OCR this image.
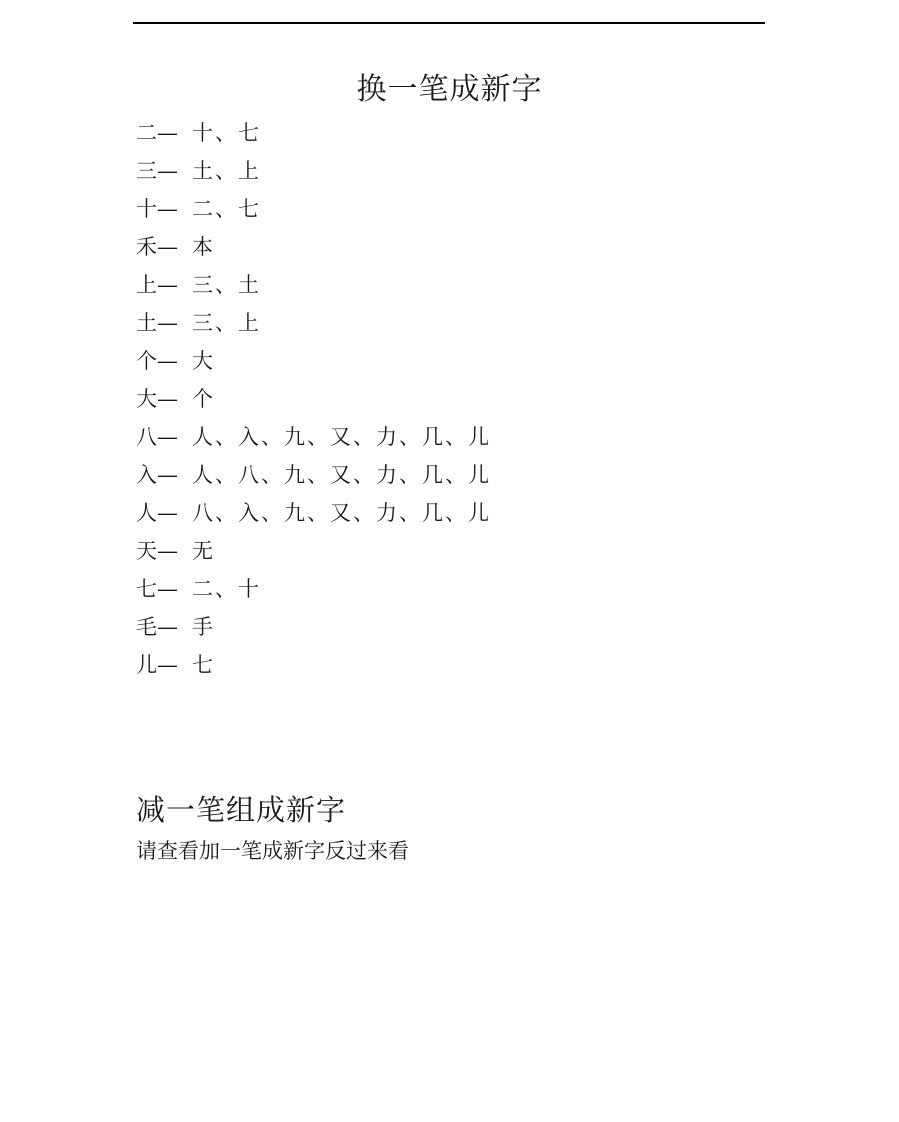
换一笔成新字
二— 十、七
三— 土、上
十— 二、七
禾— 本
上— 三、土
土— 三、上
个— 大
大— 个
八— 人、入、九、又、力、几、儿
入— 人、八、九、又、力、几、儿
人— 八、入、九、又、力、几、儿
天— 无
七— 二、十
毛— 手
儿— 七
减一笔组成新字
请查看加一笔成新字反过来看
